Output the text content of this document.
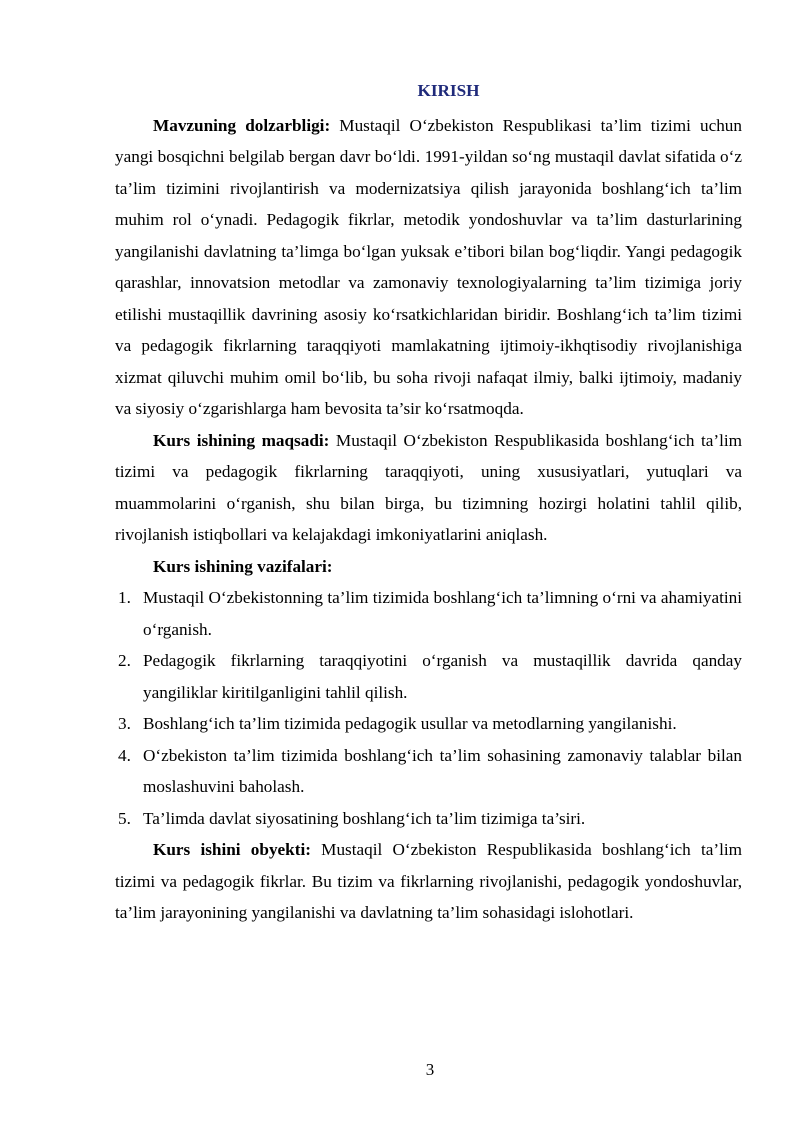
KIRISH

Mavzuning dolzarbligi: Mustaqil O‘zbekiston Respublikasi ta’lim tizimi uchun yangi bosqichni belgilab bergan davr bo‘ldi. 1991-yildan so‘ng mustaqil davlat sifatida o‘z ta’lim tizimini rivojlantirish va modernizatsiya qilish jarayonida boshlang‘ich ta’lim muhim rol o‘ynadi. Pedagogik fikrlar, metodik yondoshuvlar va ta’lim dasturlarining yangilanishi davlatning ta’limga bo‘lgan yuksak e’tibori bilan bog‘liqdir. Yangi pedagogik qarashlar, innovatsion metodlar va zamonaviy texnologiyalarning ta’lim tizimiga joriy etilishi mustaqillik davrining asosiy ko‘rsatkichlaridan biridir. Boshlang‘ich ta’lim tizimi va pedagogik fikrlarning taraqqiyoti mamlakatning ijtimoiy-ikhqtisodiy rivojlanishiga xizmat qiluvchi muhim omil bo‘lib, bu soha rivoji nafaqat ilmiy, balki ijtimoiy, madaniy va siyosiy o‘zgarishlarga ham bevosita ta’sir ko‘rsatmoqda.

Kurs ishining maqsadi: Mustaqil O‘zbekiston Respublikasida boshlang‘ich ta’lim tizimi va pedagogik fikrlarning taraqqiyoti, uning xususiyatlari, yutuqlari va muammolarini o‘rganish, shu bilan birga, bu tizimning hozirgi holatini tahlil qilib, rivojlanish istiqbollari va kelajakdagi imkoniyatlarini aniqlash.

Kurs ishining vazifalari:
1. Mustaqil O‘zbekistonning ta’lim tizimida boshlang‘ich ta’limning o‘rni va ahamiyatini o‘rganish.
2. Pedagogik fikrlarning taraqqiyotini o‘rganish va mustaqillik davrida qanday yangiliklar kiritilganligini tahlil qilish.
3. Boshlang‘ich ta’lim tizimida pedagogik usullar va metodlarning yangilanishi.
4. O‘zbekiston ta’lim tizimida boshlang‘ich ta’lim sohasining zamonaviy talablar bilan moslashuvini baholash.
5. Ta’limda davlat siyosatining boshlang‘ich ta’lim tizimiga ta’siri.

Kurs ishini obyekti: Mustaqil O‘zbekiston Respublikasida boshlang‘ich ta’lim tizimi va pedagogik fikrlar. Bu tizim va fikrlarning rivojlanishi, pedagogik yondoshuvlar, ta’lim jarayonining yangilanishi va davlatning ta’lim sohasidagi islohotlari.

3
